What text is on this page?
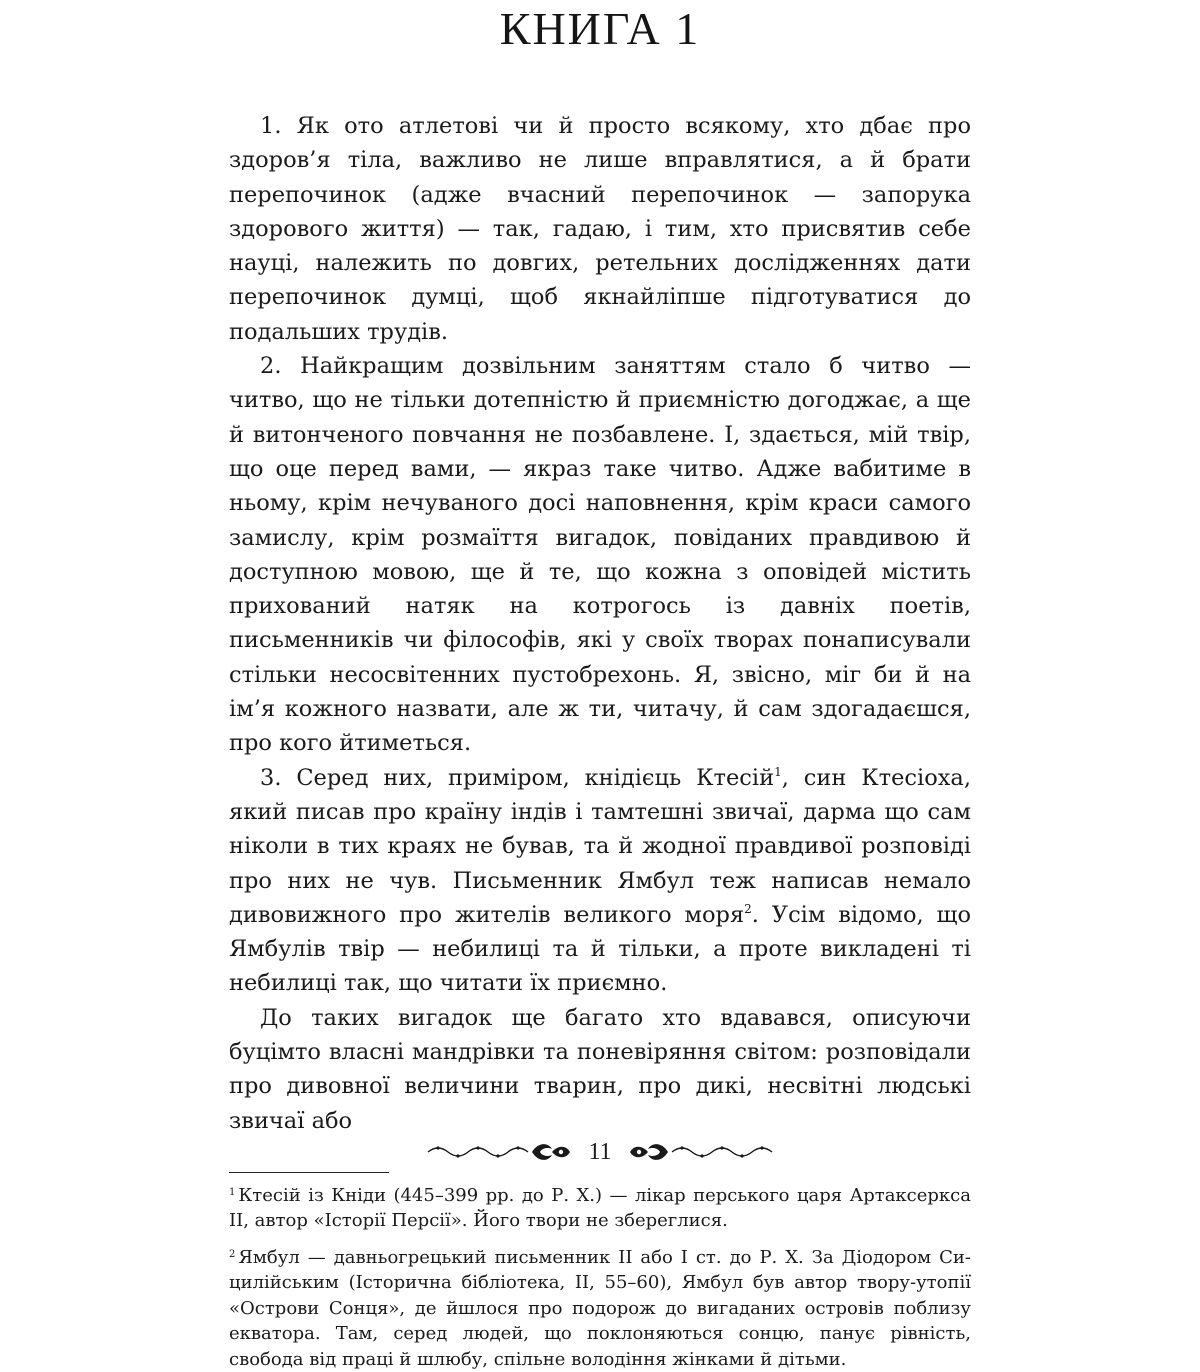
КНИГА 1

1. Як ото атлетові чи й просто всякому, хто дбає про здоров’я тіла, важливо не лише вправлятися, а й брати перепочинок (адже вчасний перепочинок — запорука здорового життя) — так, гадаю, і тим, хто присвятив себе науці, належить по довгих, ретельних дослідженнях дати перепочинок думці, щоб якнайліпше підготуватися до подальших трудів.

2. Найкращим дозвільним заняттям стало б читво — читво, що не тільки дотепністю й приємністю догоджає, а ще й витонченого повчання не позбавлене. І, здається, мій твір, що оце перед вами, — якраз таке читво. Адже вабитиме в ньому, крім нечуваного досі наповнення, крім краси самого замислу, крім розмаїття вигадок, повіданих правдивою й доступною мовою, ще й те, що кожна з оповідей містить прихований натяк на котрогось із давніх поетів, письменників чи філософів, які у своїх творах понаписували стільки несосвітенних пустобрехонь. Я, звісно, міг би й на ім’я кожного назвати, але ж ти, читачу, й сам здогадаєшся, про кого йтиметься.

3. Серед них, приміром, кнідієць Ктесій$^1$, син Ктесіоха, який писав про країну індів і тамтешні звичаї, дарма що сам ніколи в тих краях не бував, та й жодної правдивої розповіді про них не чув. Письменник Ямбул теж написав немало дивовижного про жителів великого моря$^2$. Усім відомо, що Ямбулів твір — небилиці та й тільки, а проте викладені ті небилиці так, що читати їх приємно.

До таких вигадок ще багато хто вдавався, описуючи буцімто власні мандрівки та поневіряння світом: розповідали про дивовної величини тварин, про дикі, несвітні людські звичаї або

$^1$ Ктесій із Кніди (445–399 рр. до Р. Х.) — лікар перського царя Артаксеркса II, автор «Історії Персії». Його твори не збереглися.

$^2$ Ямбул — давньогрецький письменник II або I ст. до Р. Х. За Діодором Сицилійським (Історична бібліотека, II, 55–60), Ямбул був автор твору-утопії «Острови Сонця», де йшлося про подорож до вигаданих островів поблизу екватора. Там, серед людей, що поклоняються сонцю, панує рівність, свобода від праці й шлюбу, спільне володіння жінками й дітьми.

11
